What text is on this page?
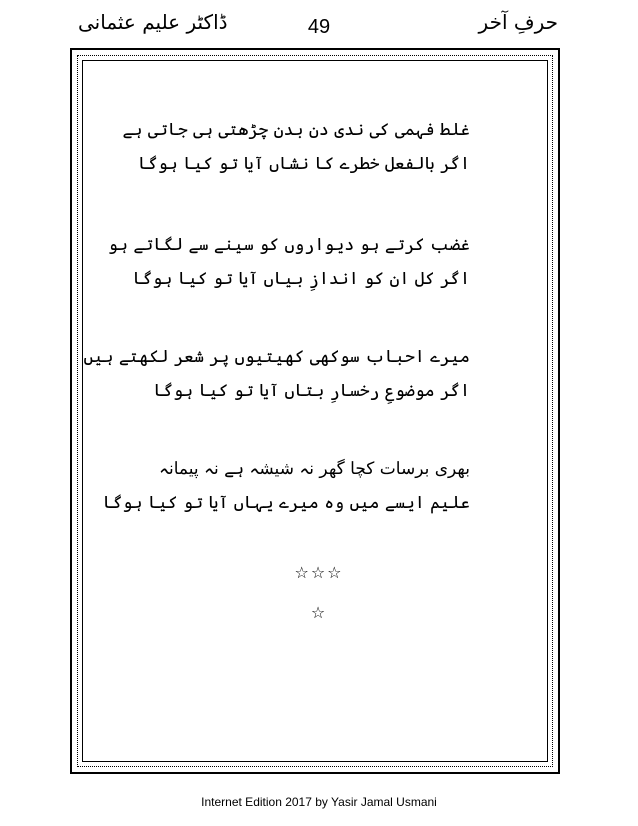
حرفِ آخر
49
ڈاکٹر علیم عثمانی
غلط فہمی کی ندی دن بدن چڑھتی ہی جاتی ہے
اگر بالفعل خطرے کا نشاں آیا تو کیا ہوگا
غضب کرتے ہو دیواروں کو سینے سے لگاتے ہو
اگر کل ان کو اندازِ بیاں آیا تو کیا ہوگا
میرے احباب سوکھی کھیتیوں پر شعر لکھتے ہیں
اگر موضوعِ رخسارِ بتاں آیا تو کیا ہوگا
بھری برسات کچا گھر نہ شیشہ ہے نہ پیمانہ
علیم ایسے میں وہ میرے یہاں آیا تو کیا ہوگا
☆☆☆
☆
Internet Edition 2017 by Yasir Jamal Usmani
